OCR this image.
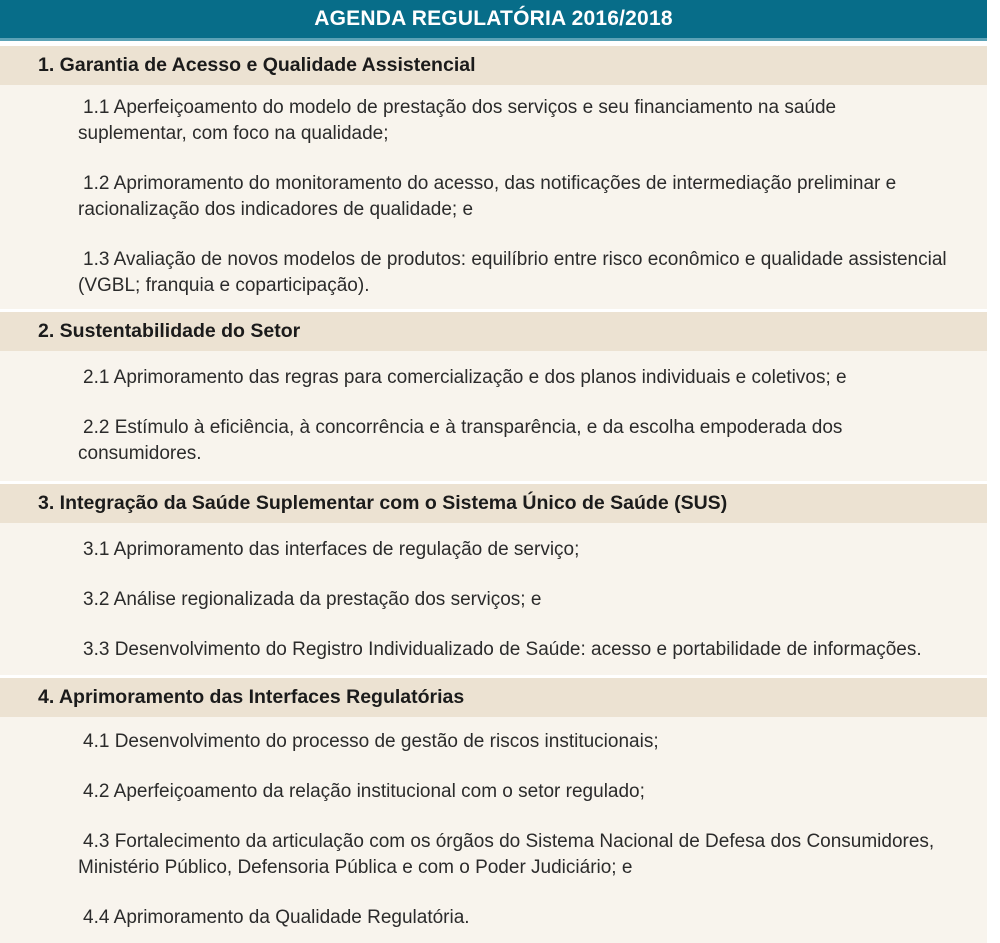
AGENDA REGULATÓRIA 2016/2018
1. Garantia de Acesso e Qualidade Assistencial

1.1 Aperfeiçoamento do modelo de prestação dos serviços e seu financiamento na saúde suplementar, com foco na qualidade;

1.2 Aprimoramento do monitoramento do acesso, das notificações de intermediação preliminar e racionalização dos indicadores de qualidade; e

1.3 Avaliação de novos modelos de produtos: equilíbrio entre risco econômico e qualidade assistencial (VGBL; franquia e coparticipação).

2. Sustentabilidade do Setor

2.1 Aprimoramento das regras para comercialização e dos planos individuais e coletivos; e

2.2 Estímulo à eficiência, à concorrência e à transparência, e da escolha empoderada dos consumidores.

3. Integração da Saúde Suplementar com o Sistema Único de Saúde (SUS)

3.1 Aprimoramento das interfaces de regulação de serviço;

3.2 Análise regionalizada da prestação dos serviços; e

3.3 Desenvolvimento do Registro Individualizado de Saúde: acesso e portabilidade de informações.

4. Aprimoramento das Interfaces Regulatórias

4.1 Desenvolvimento do processo de gestão de riscos institucionais;

4.2 Aperfeiçoamento da relação institucional com o setor regulado;

4.3 Fortalecimento da articulação com os órgãos do Sistema Nacional de Defesa dos Consumidores, Ministério Público, Defensoria Pública e com o Poder Judiciário; e

4.4 Aprimoramento da Qualidade Regulatória.
